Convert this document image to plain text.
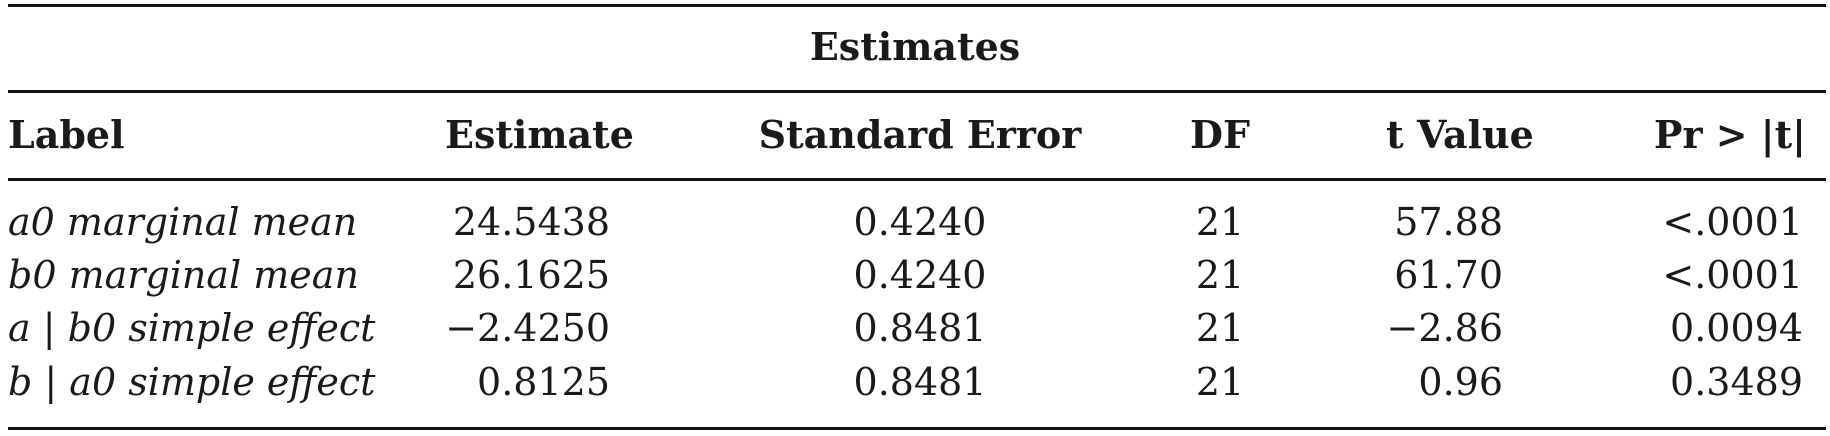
Estimates
Label	Estimate	Standard Error	DF	t Value	Pr > |t|
a0 marginal mean	24.5438	0.4240	21	57.88	<.0001
b0 marginal mean 26.1625	0.4240	21	61.70	<.0001
a | b0 simple effect −2.4250	0.8481	21	−2.86	0.0094
b | a0 simple effect	0.8125	0.8481	21	0.96	0.3489
